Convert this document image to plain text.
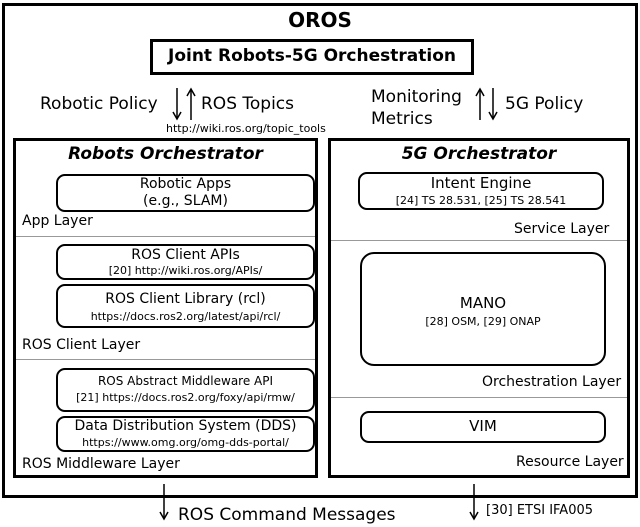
OROS
Joint Robots-5G Orchestration
Robotic Policy	ROS Topics
http://wiki.ros.org/topic_tools
Monitoring
Metrics
5G Policy
Robots Orchestrator
Robotic Apps
(e.g., SLAM)
App Layer
ROS Client APIs
[20] http://wiki.ros.org/APIs/
ROS Client Library (rcl)
https://docs.ros2.org/latest/api/rcl/
ROS Client Layer
ROS Abstract Middleware API
[21] https://docs.ros2.org/foxy/api/rmw/
Data Distribution System (DDS)
https://www.omg.org/omg-dds-portal/
ROS Middleware Layer
5G Orchestrator
Intent Engine
[24] TS 28.531, [25] TS 28.541
Service Layer
MANO
[28] OSM, [29] ONAP
Orchestration Layer
VIM
Resource Layer
ROS Command Messages	[30] ETSI IFA005
